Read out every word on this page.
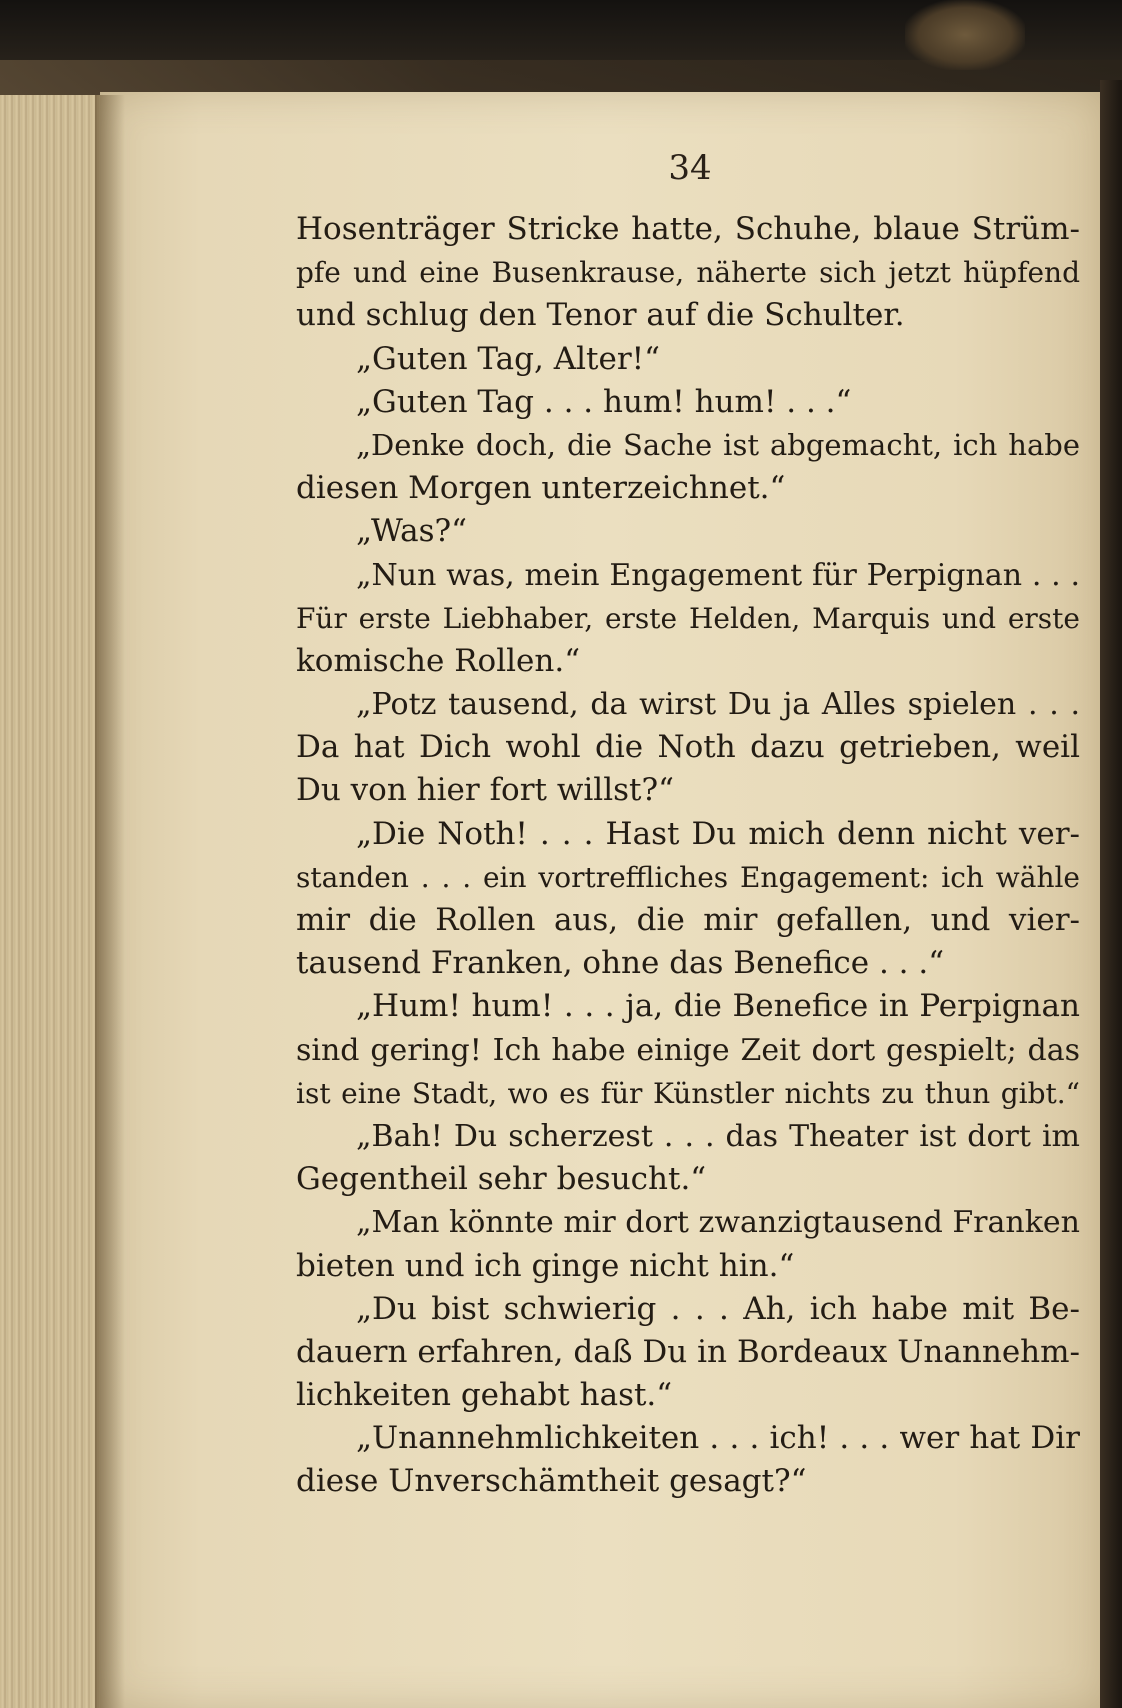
34
Hosenträger Stricke hatte, Schuhe, blaue Strüm-
pfe und eine Busenkrause, näherte sich jetzt hüpfend
und schlug den Tenor auf die Schulter.
„Guten Tag, Alter!“
„Guten Tag . . . hum! hum! . . .“
„Denke doch, die Sache ist abgemacht, ich habe
diesen Morgen unterzeichnet.“
„Was?“
„Nun was, mein Engagement für Perpignan . . .
Für erste Liebhaber, erste Helden, Marquis und erste
komische Rollen.“
„Potz tausend, da wirst Du ja Alles spielen . . .
Da hat Dich wohl die Noth dazu getrieben, weil
Du von hier fort willst?“
„Die Noth! . . . Hast Du mich denn nicht ver-
standen . . . ein vortreffliches Engagement: ich wähle
mir die Rollen aus, die mir gefallen, und vier-
tausend Franken, ohne das Benefice . . .“
„Hum! hum! . . . ja, die Benefice in Perpignan
sind gering! Ich habe einige Zeit dort gespielt; das
ist eine Stadt, wo es für Künstler nichts zu thun gibt.“
„Bah! Du scherzest . . . das Theater ist dort im
Gegentheil sehr besucht.“
„Man könnte mir dort zwanzigtausend Franken
bieten und ich ginge nicht hin.“
„Du bist schwierig . . . Ah, ich habe mit Be-
dauern erfahren, daß Du in Bordeaux Unannehm-
lichkeiten gehabt hast.“
„Unannehmlichkeiten . . . ich! . . . wer hat Dir
diese Unverschämtheit gesagt?“
